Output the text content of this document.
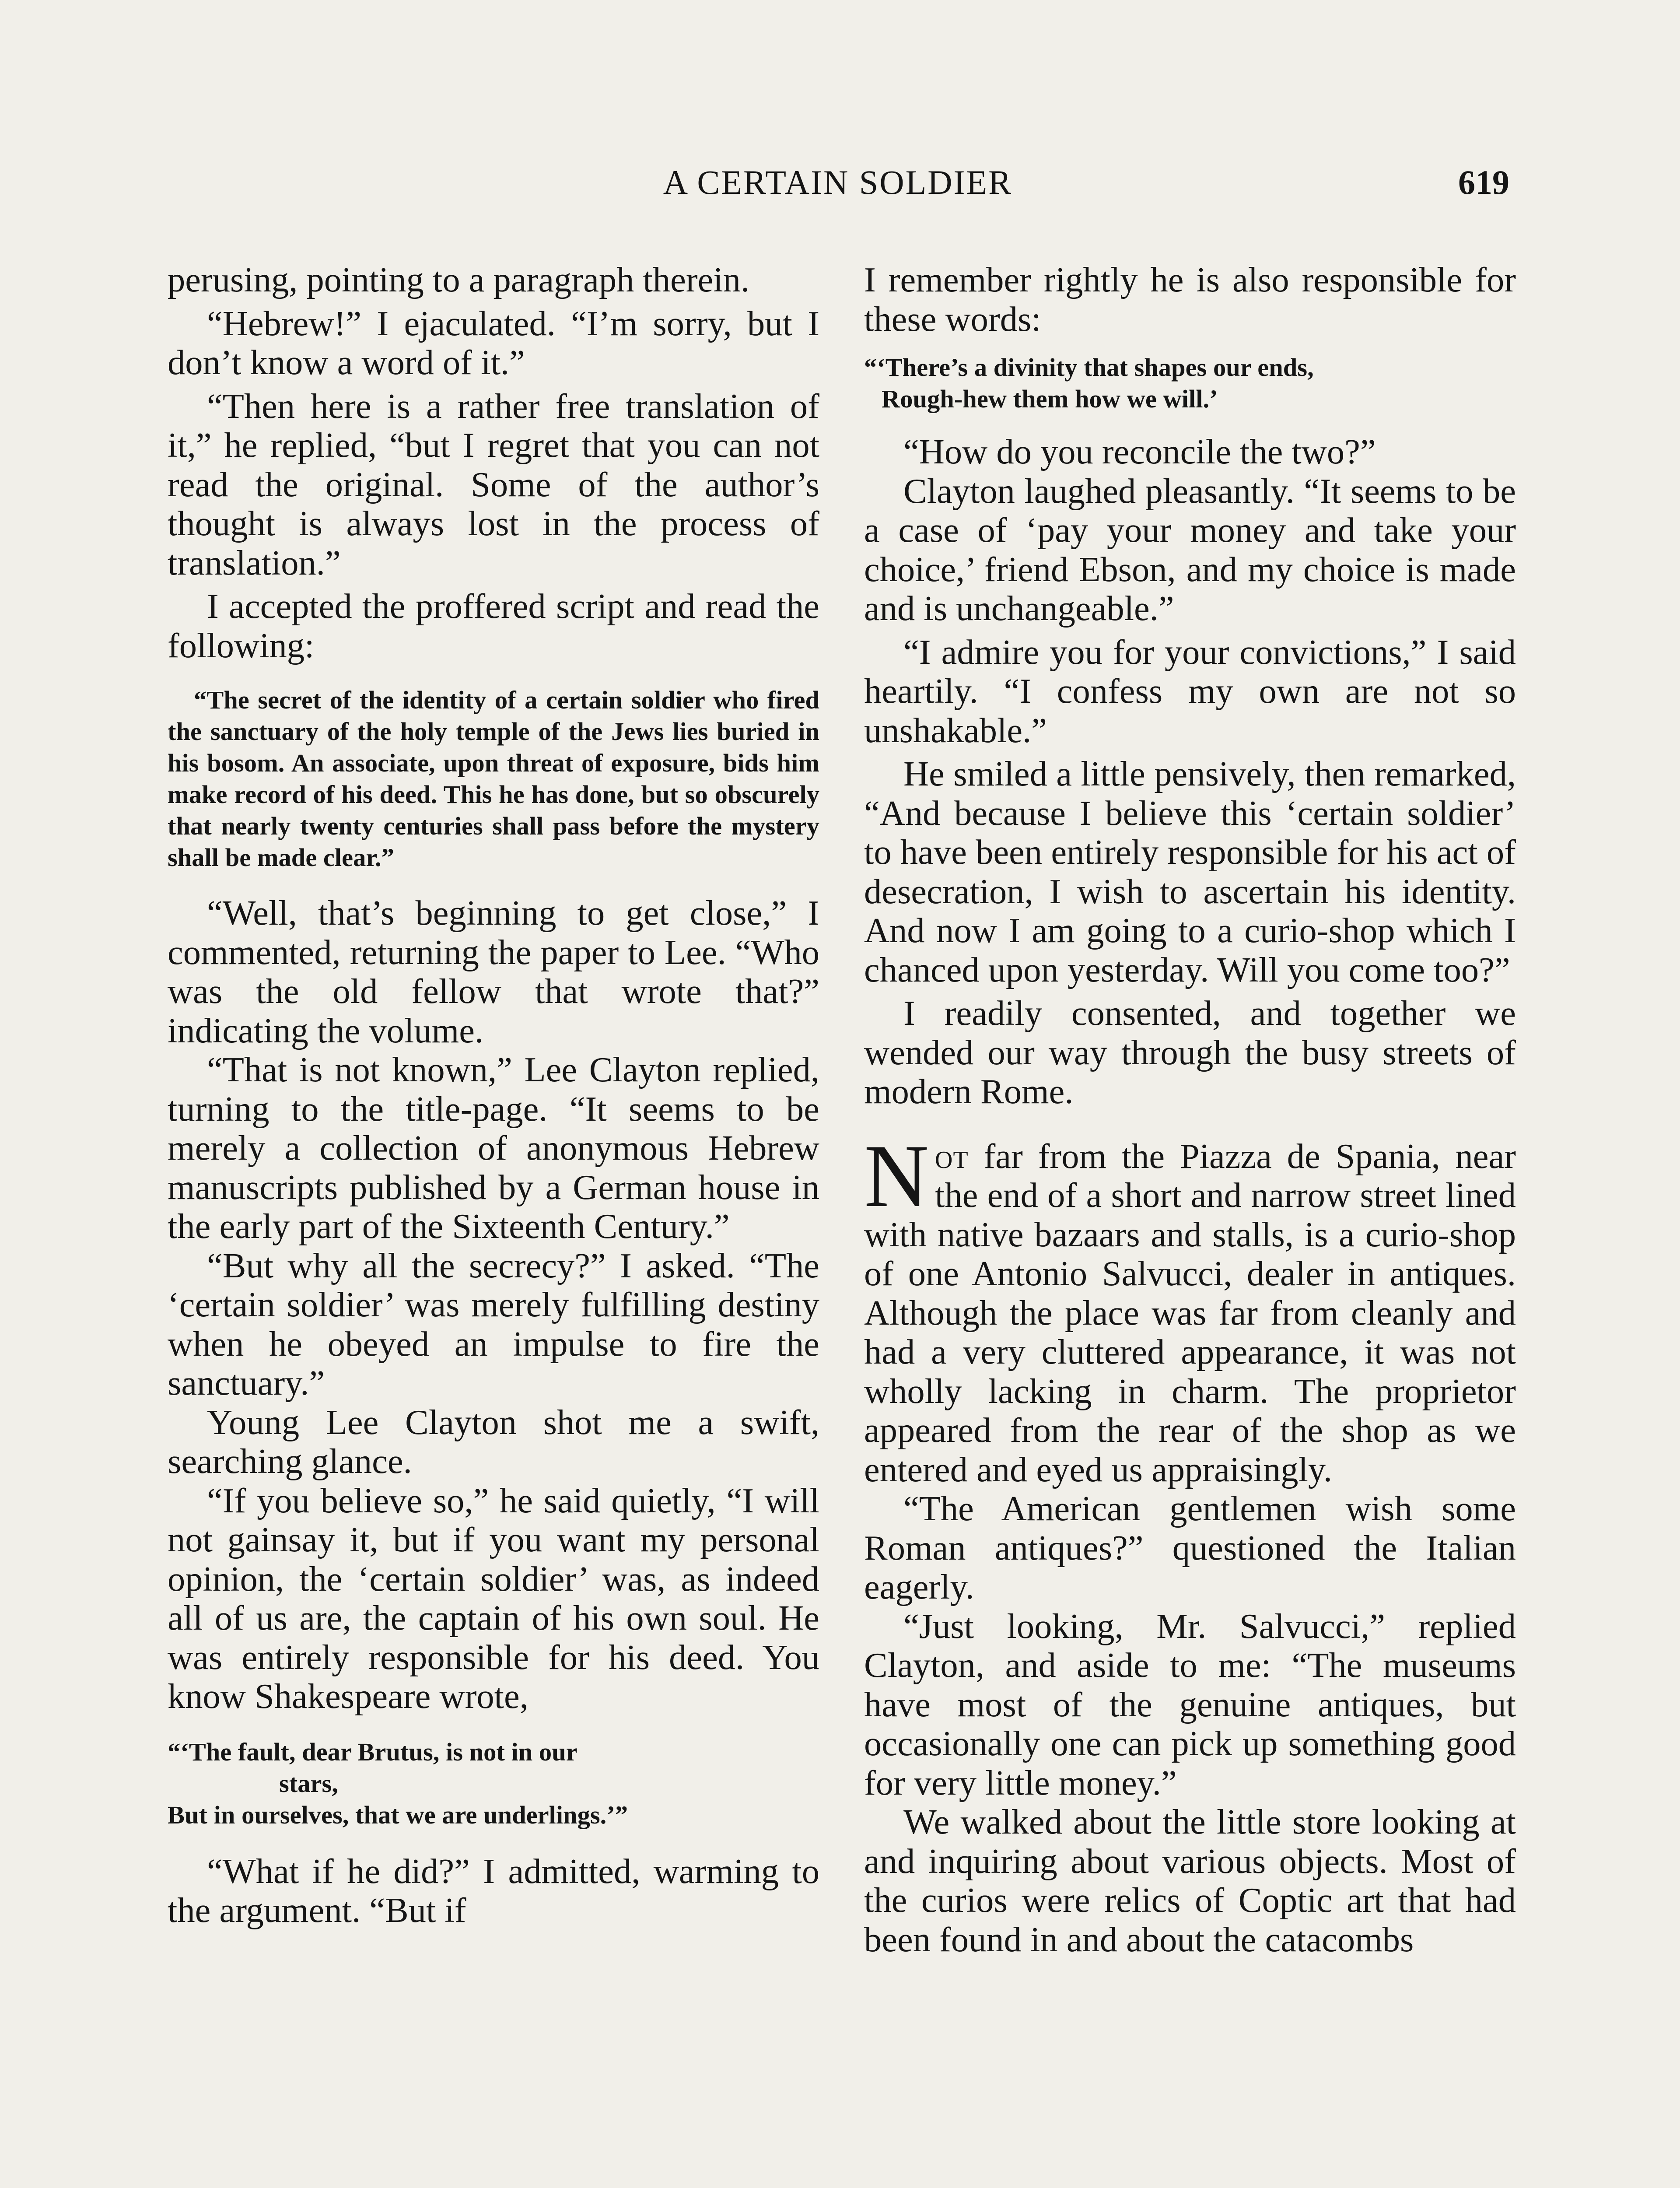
A CERTAIN SOLDIER	619

perusing, pointing to a paragraph therein.

“Hebrew!” I ejaculated. “I’m sorry, but I don’t know a word of it.”

“Then here is a rather free translation of it,” he replied, “but I regret that you can not read the original. Some of the author’s thought is always lost in the process of translation.”

I accepted the proffered script and read the following:

“The secret of the identity of a certain soldier who fired the sanctuary of the holy temple of the Jews lies buried in his bosom. An associate, upon threat of exposure, bids him make record of his deed. This he has done, but so obscurely that nearly twenty centuries shall pass before the mystery shall be made clear.”

“Well, that’s beginning to get close,” I commented, returning the paper to Lee. “Who was the old fellow that wrote that?” indicating the volume.

“That is not known,” Lee Clayton replied, turning to the title-page. “It seems to be merely a collection of anonymous Hebrew manuscripts published by a German house in the early part of the Sixteenth Century.”

“But why all the secrecy?” I asked. “The ‘certain soldier’ was merely fulfilling destiny when he obeyed an impulse to fire the sanctuary.”

Young Lee Clayton shot me a swift, searching glance.

“If you believe so,” he said quietly, “I will not gainsay it, but if you want my personal opinion, the ‘certain soldier’ was, as indeed all of us are, the captain of his own soul. He was entirely responsible for his deed. You know Shakespeare wrote,

“‘The fault, dear Brutus, is not in our
stars,
But in ourselves, that we are underlings.’”

“What if he did?” I admitted, warming to the argument. “But if

I remember rightly he is also responsible for these words:

“‘There’s a divinity that shapes our ends,
Rough-hew them how we will.’

“How do you reconcile the two?”

Clayton laughed pleasantly. “It seems to be a case of ‘pay your money and take your choice,’ friend Ebson, and my choice is made and is unchangeable.”

“I admire you for your convictions,” I said heartily. “I confess my own are not so unshakable.”

He smiled a little pensively, then remarked, “And because I believe this ‘certain soldier’ to have been entirely responsible for his act of desecration, I wish to ascertain his identity. And now I am going to a curio-shop which I chanced upon yesterday. Will you come too?”

I readily consented, and together we wended our way through the busy streets of modern Rome.

Not far from the Piazza de Spania, near the end of a short and narrow street lined with native bazaars and stalls, is a curio-shop of one Antonio Salvucci, dealer in antiques. Although the place was far from cleanly and had a very cluttered appearance, it was not wholly lacking in charm. The proprietor appeared from the rear of the shop as we entered and eyed us appraisingly.

“The American gentlemen wish some Roman antiques?” questioned the Italian eagerly.

“Just looking, Mr. Salvucci,” replied Clayton, and aside to me: “The museums have most of the genuine antiques, but occasionally one can pick up something good for very little money.”

We walked about the little store looking at and inquiring about various objects. Most of the curios were relics of Coptic art that had been found in and about the catacombs
